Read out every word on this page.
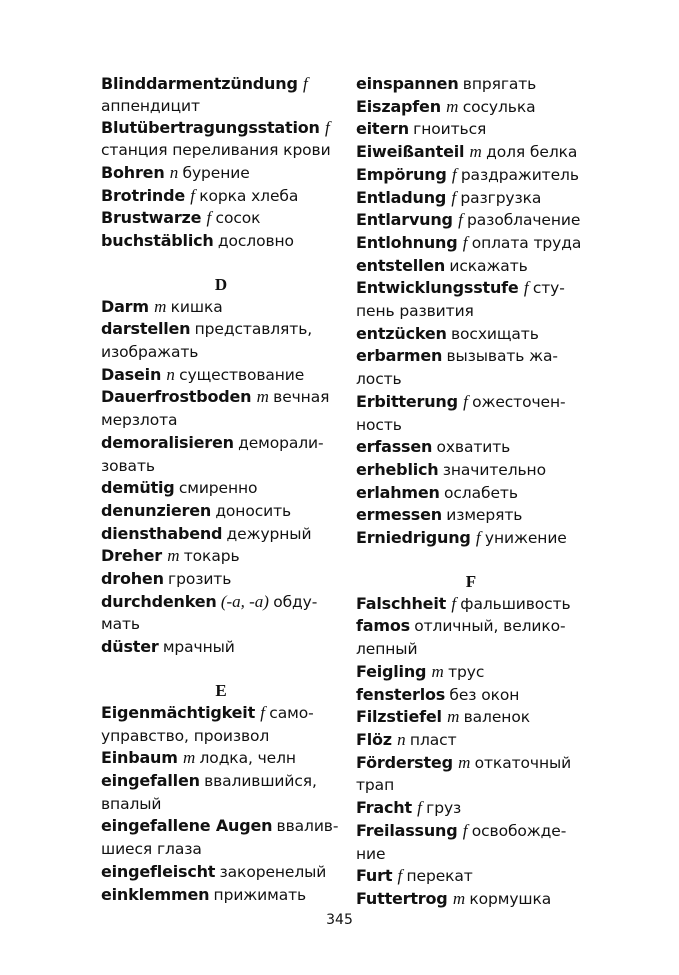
Blinddarmentzündung f
аппендицит
Blutübertragungsstation f
станция переливания крови
Bohren n бурение
Brotrinde f корка хлеба
Brustwarze f сосок
buchstäblich дословно
D
Darm m кишка
darstellen представлять, изображать
Dasein n существование
Dauerfrostboden m вечная мерзлота
demoralisieren деморали-зовать
demütig смиренно
denunzieren доносить
diensthabend дежурный
Dreher m токарь
drohen грозить
durchdenken (-a, -a) обду-мать
düster мрачный
E
Eigenmächtigkeit f само-управство, произвол
Einbaum m лодка, челн
eingefallen ввалившийся, впалый
eingefallene Augen ввалив-шиеся глаза
eingefleischt закоренелый
einklemmen прижимать
einspannen впрягать
Eiszapfen m сосулька
eitern гноиться
Eiweißanteil m доля белка
Empörung f раздражитель
Entladung f разгрузка
Entlarvung f разоблачение
Entlohnung f оплата труда
entstellen искажать
Entwicklungsstufe f сту-пень развития
entzücken восхищать
erbarmen вызывать жа-лость
Erbitterung f ожесточен-ность
erfassen охватить
erheblich значительно
erlahmen ослабеть
ermessen измерять
Erniedrigung f унижение
F
Falschheit f фальшивость
famos отличный, велико-лепный
Feigling m трус
fensterlos без окон
Filzstiefel m валенок
Flöz n пласт
Fördersteg m откаточный трап
Fracht f груз
Freilassung f освобожде-ние
Furt f перекат
Futtertrog m кормушка
345
